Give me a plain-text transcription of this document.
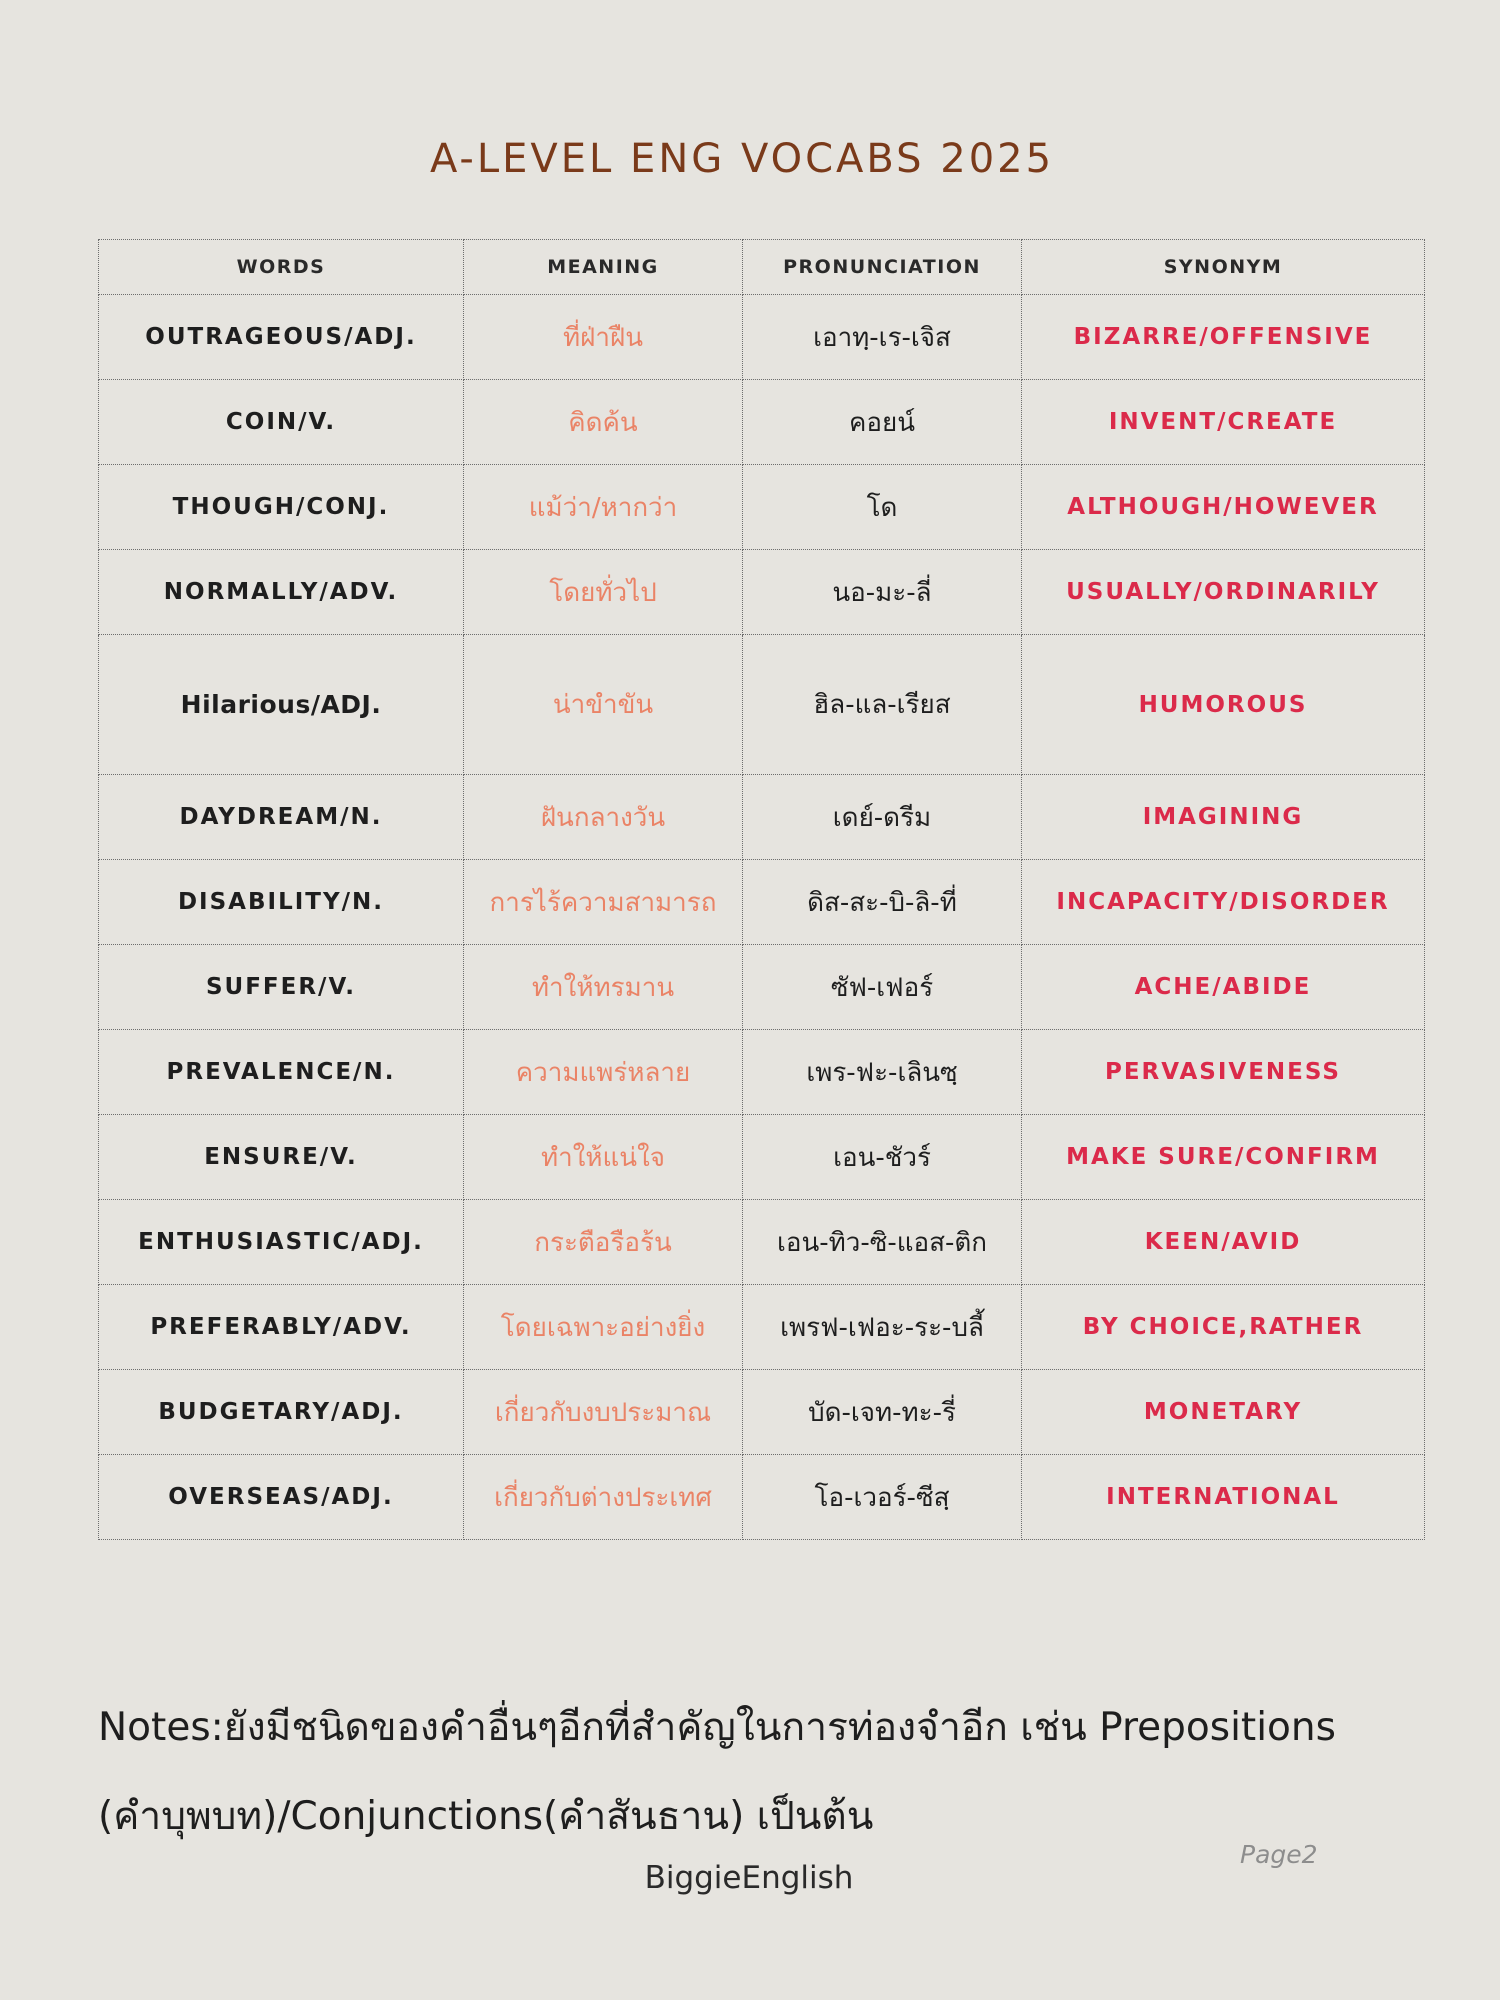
A-LEVEL ENG VOCABS 2025
WORDS	MEANING	PRONUNCIATION	SYNONYM
OUTRAGEOUS/ADJ.	ที่ฝ่าฝืน	เอาทฺ-เร-เจิส	BIZARRE/OFFENSIVE
COIN/V.	คิดค้น	คอยน์	INVENT/CREATE
THOUGH/CONJ.	แม้ว่า/หากว่า	โด	ALTHOUGH/HOWEVER
NORMALLY/ADV.	โดยทั่วไป	นอ-มะ-ลี่	USUALLY/ORDINARILY
Hilarious/ADJ.	น่าขำขัน	ฮิล-แล-เรียส	HUMOROUS
DAYDREAM/N.	ฝันกลางวัน	เดย์-ดรีม	IMAGINING
DISABILITY/N.	การไร้ความสามารถ	ดิส-สะ-บิ-ลิ-ที่	INCAPACITY/DISORDER
SUFFER/V.	ทำให้ทรมาน	ซัฟ-เฟอร์	ACHE/ABIDE
PREVALENCE/N.	ความแพร่หลาย	เพร-ฟะ-เลินซฺ	PERVASIVENESS
ENSURE/V.	ทำให้แน่ใจ	เอน-ชัวร์	MAKE SURE/CONFIRM
ENTHUSIASTIC/ADJ.	กระตือรือร้น	เอน-ทิว-ซิ-แอส-ติก	KEEN/AVID
PREFERABLY/ADV.	โดยเฉพาะอย่างยิ่ง	เพรฟ-เฟอะ-ระ-บลี้	BY CHOICE,RATHER
BUDGETARY/ADJ.	เกี่ยวกับงบประมาณ	บัด-เจท-ทะ-รี่	MONETARY
OVERSEAS/ADJ.	เกี่ยวกับต่างประเทศ	โอ-เวอร์-ซีสฺ	INTERNATIONAL

Notes:ยังมีชนิดของคำอื่นๆอีกที่สำคัญในการท่องจำอีก เช่น Prepositions (คำบุพบท)/Conjunctions(คำสันธาน) เป็นต้น

Page2
BiggieEnglish
